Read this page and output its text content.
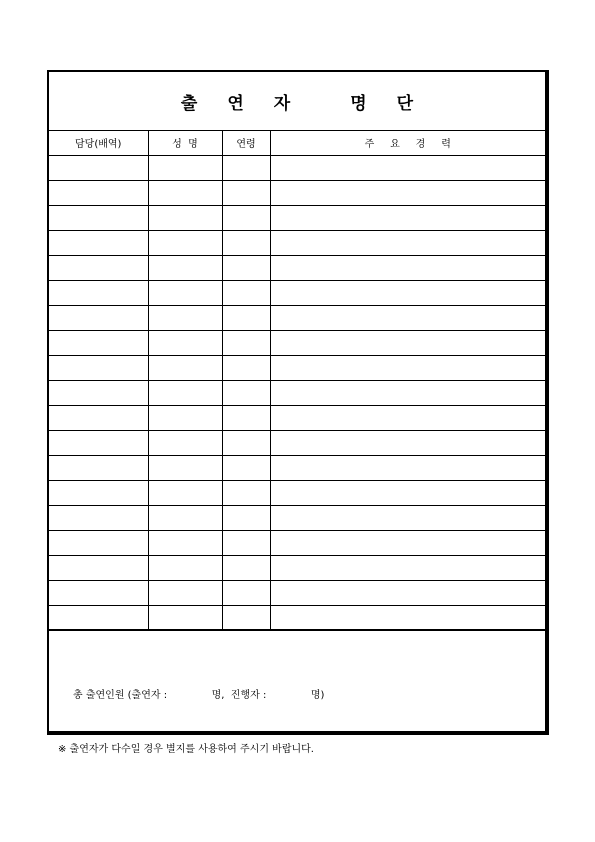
출 연 자	명 단
담당(배역)	성  명	연령	주     요     경     력

총 출연인원 (출연자 :              명,  진행자 :              명)
※ 출연자가 다수일 경우 별지를 사용하여 주시기 바랍니다.
